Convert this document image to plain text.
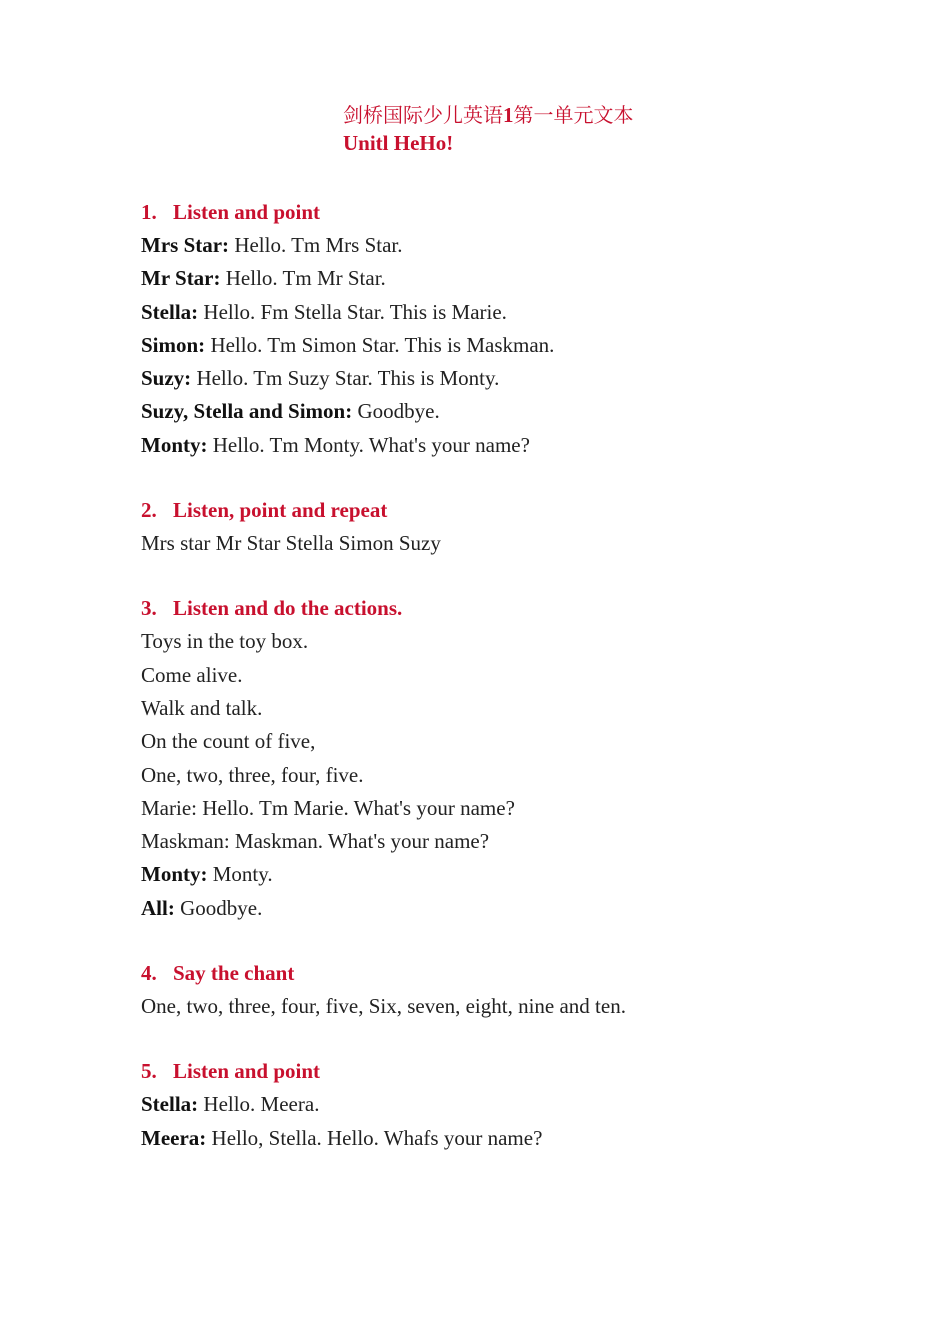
剑桥国际少儿英语1第一单元文本
Unitl HeHo!
1. Listen and point
Mrs Star: Hello. Tm Mrs Star.
Mr Star: Hello. Tm Mr Star.
Stella: Hello. Fm Stella Star. This is Marie.
Simon: Hello. Tm Simon Star. This is Maskman.
Suzy: Hello. Tm Suzy Star. This is Monty.
Suzy, Stella and Simon: Goodbye.
Monty: Hello. Tm Monty. What's your name?
2. Listen, point and repeat
Mrs star Mr Star Stella Simon Suzy
3. Listen and do the actions.
Toys in the toy box.
Come alive.
Walk and talk.
On the count of five,
One, two, three, four, five.
Marie: Hello. Tm Marie. What's your name?
Maskman: Maskman. What's your name?
Monty: Monty.
All: Goodbye.
4. Say the chant
One, two, three, four, five, Six, seven, eight, nine and ten.
5. Listen and point
Stella: Hello. Meera.
Meera: Hello, Stella. Hello. Whafs your name?
